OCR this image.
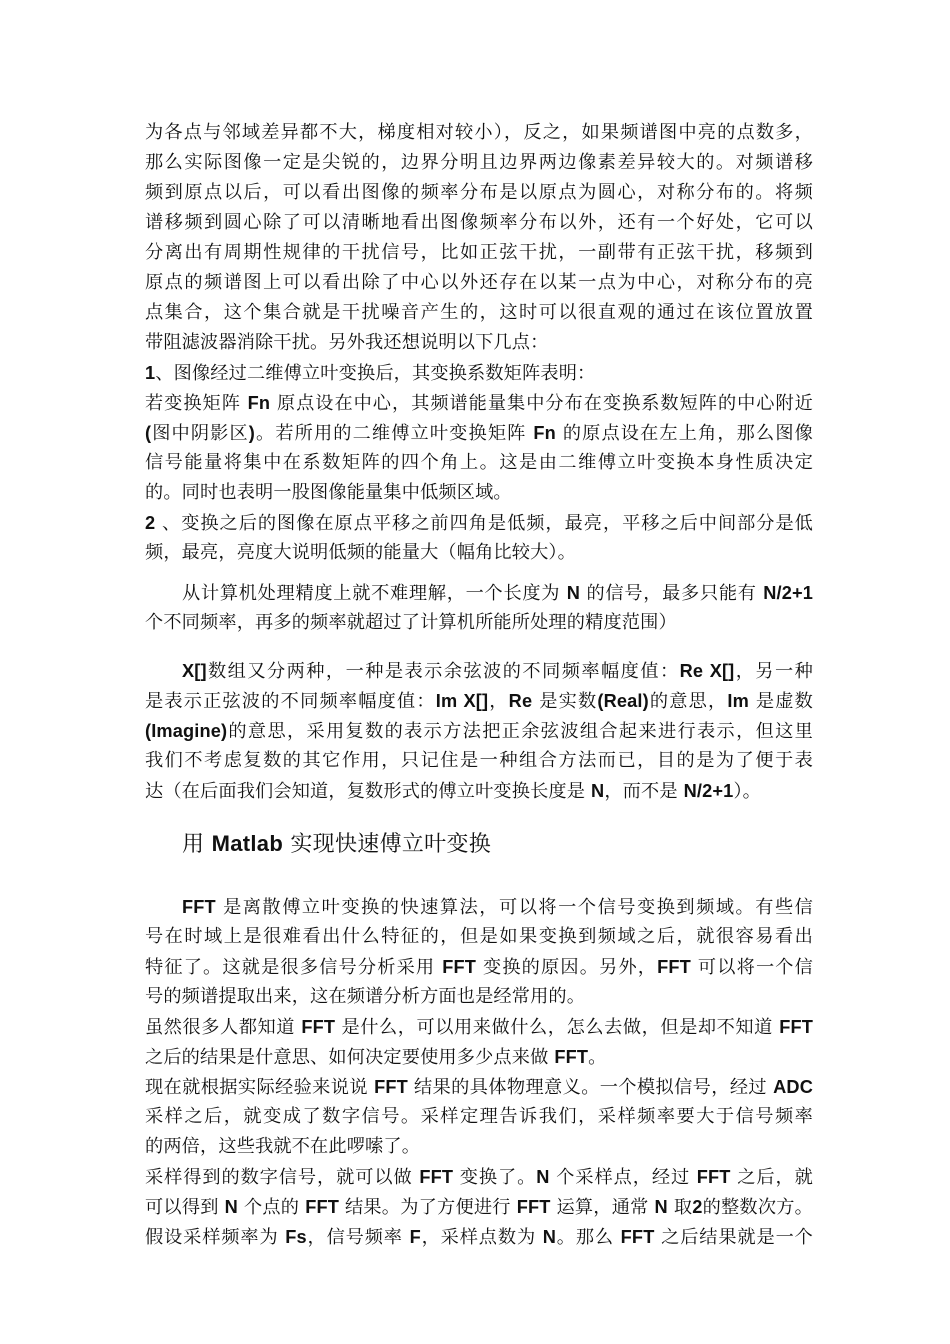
为各点与邻域差异都不大，梯度相对较小），反之，如果频谱图中亮的点数多，
那么实际图像一定是尖锐的，边界分明且边界两边像素差异较大的。对频谱移
频到原点以后，可以看出图像的频率分布是以原点为圆心，对称分布的。将频
谱移频到圆心除了可以清晰地看出图像频率分布以外，还有一个好处，它可以
分离出有周期性规律的干扰信号，比如正弦干扰，一副带有正弦干扰，移频到
原点的频谱图上可以看出除了中心以外还存在以某一点为中心，对称分布的亮
点集合，这个集合就是干扰噪音产生的，这时可以很直观的通过在该位置放置
带阻滤波器消除干扰。另外我还想说明以下几点：
1、图像经过二维傅立叶变换后，其变换系数矩阵表明：
若变换矩阵 Fn 原点设在中心，其频谱能量集中分布在变换系数短阵的中心附近
(图中阴影区)。若所用的二维傅立叶变换矩阵 Fn 的原点设在左上角，那么图像
信号能量将集中在系数矩阵的四个角上。这是由二维傅立叶变换本身性质决定
的。同时也表明一股图像能量集中低频区域。
2 、变换之后的图像在原点平移之前四角是低频，最亮，平移之后中间部分是低
频，最亮，亮度大说明低频的能量大（幅角比较大）。
从计算机处理精度上就不难理解，一个长度为 N 的信号，最多只能有 N/2+1
个不同频率，再多的频率就超过了计算机所能所处理的精度范围）
X[]数组又分两种，一种是表示余弦波的不同频率幅度值：Re X[]，另一种
是表示正弦波的不同频率幅度值：Im X[]，Re 是实数(Real)的意思，Im 是虚数
(Imagine)的意思，采用复数的表示方法把正余弦波组合起来进行表示，但这里
我们不考虑复数的其它作用，只记住是一种组合方法而已，目的是为了便于表
达（在后面我们会知道，复数形式的傅立叶变换长度是 N，而不是 N/2+1）。
用 Matlab 实现快速傅立叶变换
FFT 是离散傅立叶变换的快速算法，可以将一个信号变换到频域。有些信
号在时域上是很难看出什么特征的，但是如果变换到频域之后，就很容易看出
特征了。这就是很多信号分析采用 FFT 变换的原因。另外，FFT 可以将一个信
号的频谱提取出来，这在频谱分析方面也是经常用的。
虽然很多人都知道 FFT 是什么，可以用来做什么，怎么去做，但是却不知道 FFT
之后的结果是什意思、如何决定要使用多少点来做 FFT。
现在就根据实际经验来说说 FFT 结果的具体物理意义。一个模拟信号，经过 ADC
采样之后，就变成了数字信号。采样定理告诉我们，采样频率要大于信号频率
的两倍，这些我就不在此啰嗦了。
采样得到的数字信号，就可以做 FFT 变换了。N 个采样点，经过 FFT 之后，就
可以得到 N 个点的 FFT 结果。为了方便进行 FFT 运算，通常 N 取2的整数次方。
假设采样频率为 Fs，信号频率 F，采样点数为 N。那么 FFT 之后结果就是一个
